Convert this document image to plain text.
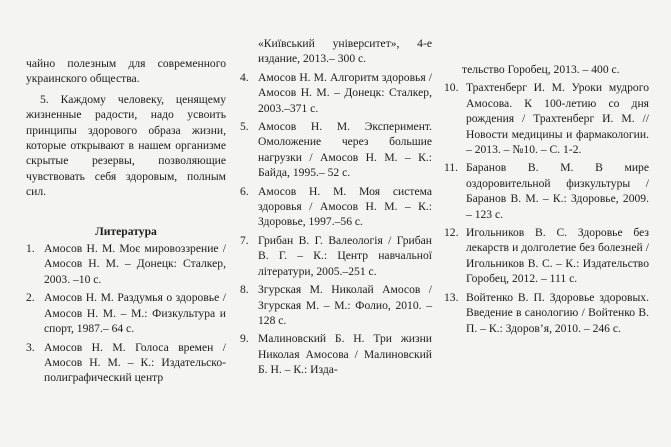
чайно полезным для современного украинского общества.

5. Каждому человеку, ценящему жизненные радости, надо усвоить принципы здорового образа жизни, которые открывают в нашем организме скрытые резервы, позволяющие чувствовать себя здоровым, полным сил.

Литература
1. Амосов Н. М. Моє мировоззрение / Амосов Н. М. – Донецк: Сталкер, 2003. –10 с.
2. Амосов Н. М. Раздумья о здоровье / Амосов Н. М. – М.: Физкультура и спорт, 1987.– 64 с.
3. Амосов Н. М. Голоса времен / Амосов Н. М. – К.: Издательско-полиграфический центр
«Київський університет», 4-е издание, 2013.– 300 с.
4. Амосов Н. М. Алгоритм здоровья / Амосов Н. М. – Донецк: Сталкер, 2003.–371 с.
5. Амосов Н. М. Эксперимент. Омоложение через большие нагрузки / Амосов Н. М. – К.: Байда, 1995.– 52 с.
6. Амосов Н. М. Моя система здоровья / Амосов Н. М. – К.: Здоровье, 1997.–56 с.
7. Грибан В. Г. Валеологія / Грибан В. Г. – К.: Центр навчальної літератури, 2005.–251 с.
8. Згурская М. Николай Амосов / Згурская М. – М.: Фолио, 2010. – 128 с.
9. Малиновский Б. Н. Три жизни Николая Амосова / Малиновский Б. Н. – К.: Изда-
тельство Горобец, 2013. – 400 с.
10. Трахтенберг И. М. Уроки мудрого Амосова. К 100-летию со дня рождения / Трахтенберг И. М. // Новости медицины и фармакологии. – 2013. – №10. – С. 1-2.
11. Баранов В. М. В мире оздоровительной физкультуры / Баранов В. М. – К.: Здоровье, 2009. – 123 с.
12. Игольников В. С. Здоровье без лекарств и долголетие без болезней / Игольников В. С. – К.: Издательство Горобец, 2012. – 111 с.
13. Войтенко В. П. Здоровье здоровых. Введение в санологию / Войтенко В. П. – К.: Здоров’я, 2010. – 246 с.
